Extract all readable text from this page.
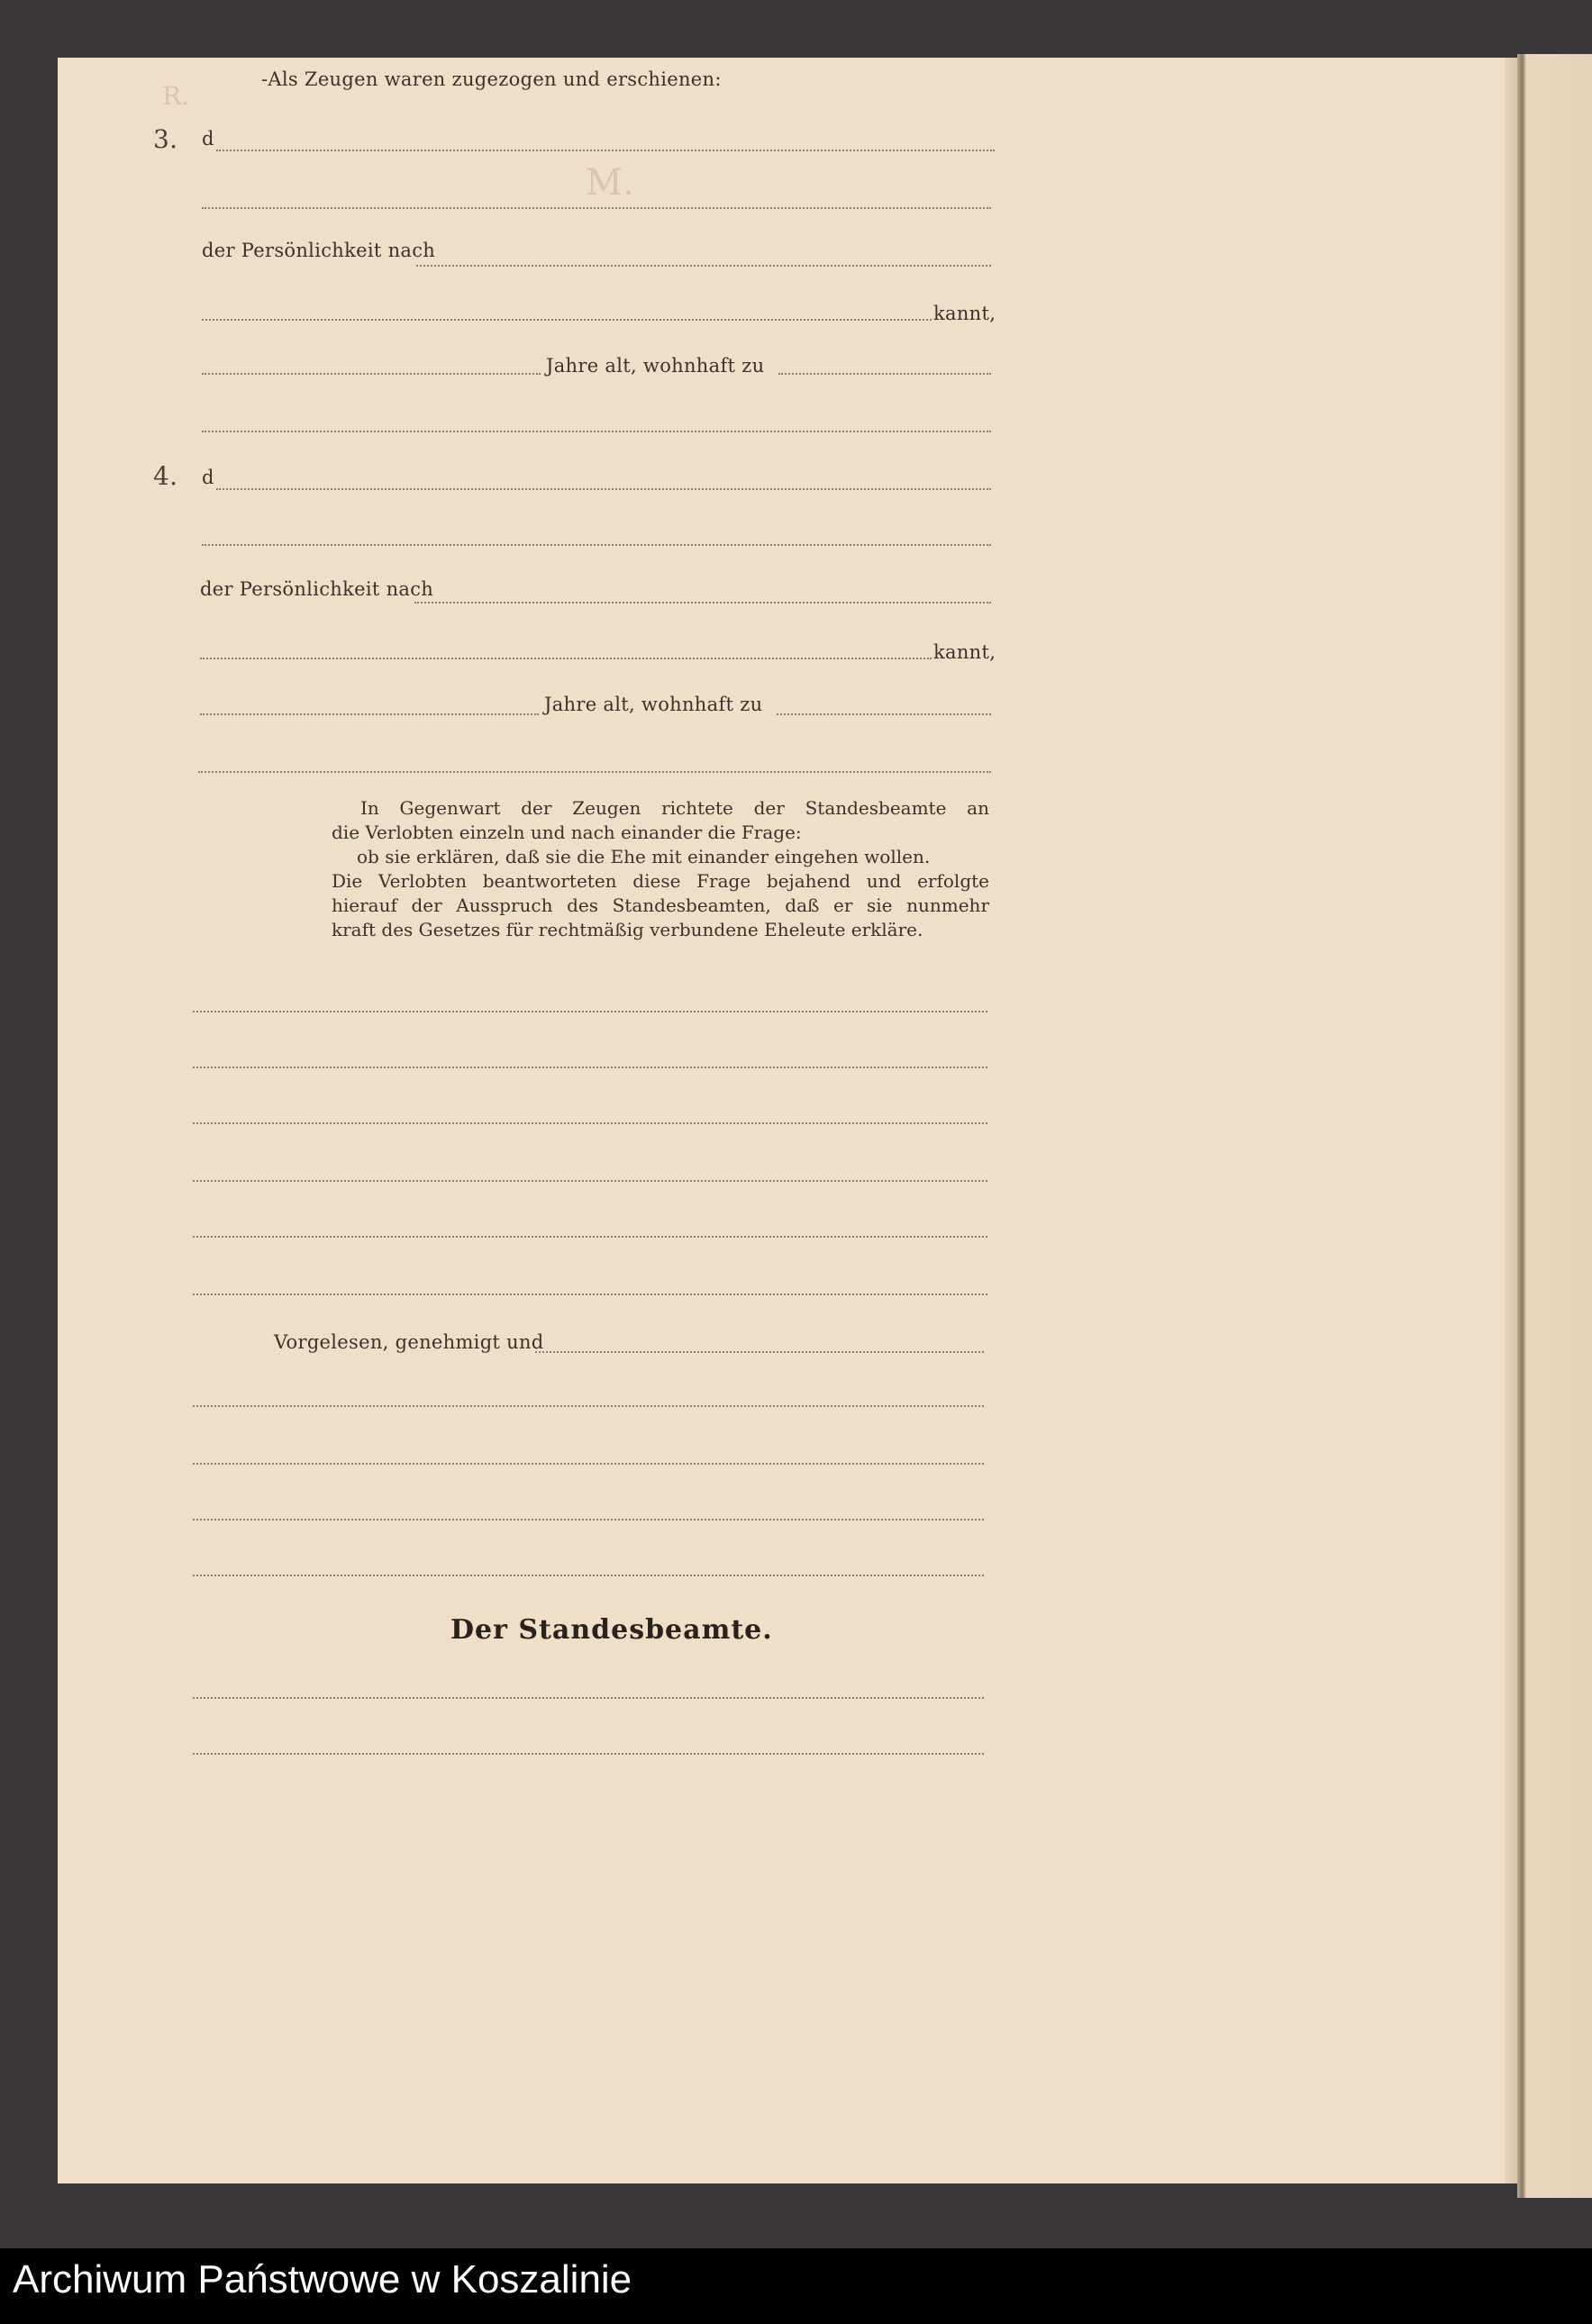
R.
M.
-Als Zeugen waren zugezogen und erschienen:
3. d
der Persönlichkeit nach
kannt,
Jahre alt, wohnhaft zu
4. d
der Persönlichkeit nach
kannt,
Jahre alt, wohnhaft zu
In Gegenwart der Zeugen richtete der Standesbeamte an
die Verlobten einzeln und nach einander die Frage:
ob sie erklären, daß sie die Ehe mit einander eingehen wollen.
Die Verlobten beantworteten diese Frage bejahend und erfolgte
hierauf der Ausspruch des Standesbeamten, daß er sie nunmehr
kraft des Gesetzes für rechtmäßig verbundene Eheleute erkläre.
Vorgelesen, genehmigt und
Der Standesbeamte.
Archiwum Państwowe w Koszalinie
